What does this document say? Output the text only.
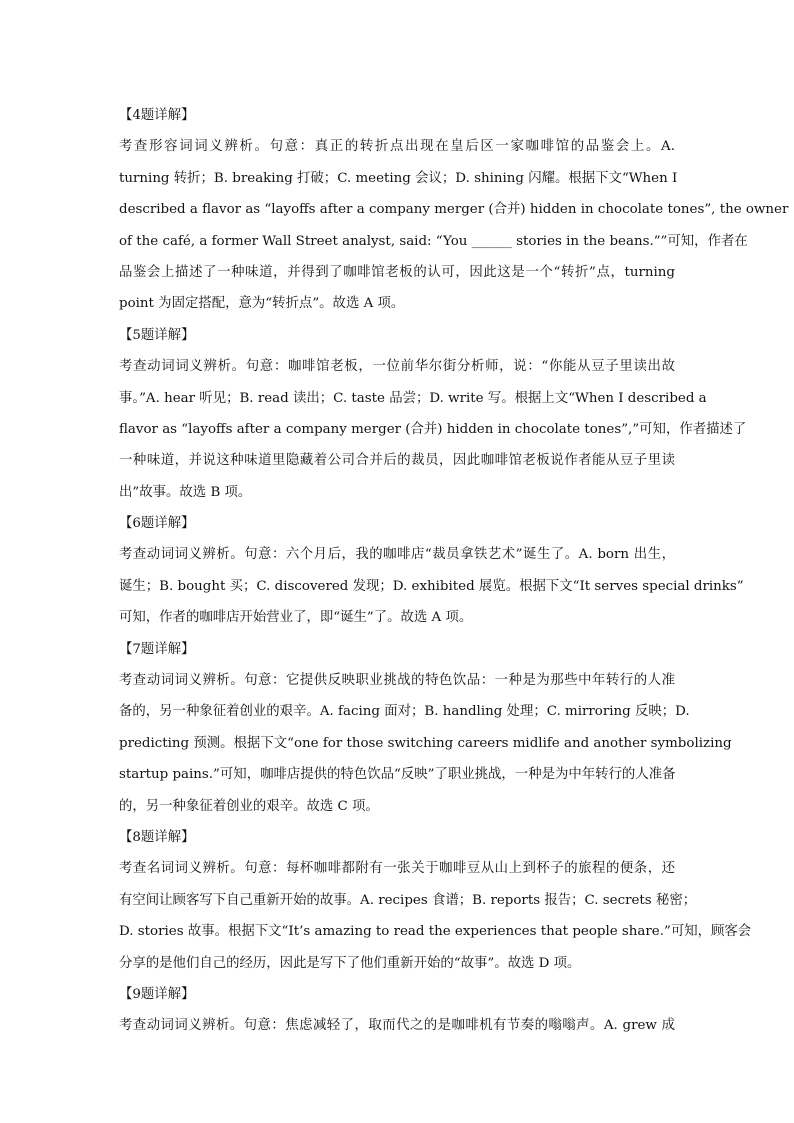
【4题详解】
考查形容词词义辨析。句意：真正的转折点出现在皇后区一家咖啡馆的品鉴会上。A.
turning 转折；B. breaking 打破；C. meeting 会议；D. shining 闪耀。根据下文“When I
described a flavor as “layoffs after a company merger (合并) hidden in chocolate tones”, the owner
of the café, a former Wall Street analyst, said: “You ______ stories in the beans.””可知，作者在
品鉴会上描述了一种味道，并得到了咖啡馆老板的认可，因此这是一个“转折”点，turning
point 为固定搭配，意为“转折点”。故选 A 项。
【5题详解】
考查动词词义辨析。句意：咖啡馆老板，一位前华尔街分析师，说：“你能从豆子里读出故
事。”A. hear 听见；B. read 读出；C. taste 品尝；D. write 写。根据上文“When I described a
flavor as “layoffs after a company merger (合并) hidden in chocolate tones”,”可知，作者描述了
一种味道，并说这种味道里隐藏着公司合并后的裁员，因此咖啡馆老板说作者能从豆子里读
出”故事。故选 B 项。
【6题详解】
考查动词词义辨析。句意：六个月后，我的咖啡店“裁员拿铁艺术”诞生了。A. born 出生，
诞生；B. bought 买；C. discovered 发现；D. exhibited 展览。根据下文“It serves special drinks”
可知，作者的咖啡店开始营业了，即“诞生”了。故选 A 项。
【7题详解】
考查动词词义辨析。句意：它提供反映职业挑战的特色饮品：一种是为那些中年转行的人准
备的，另一种象征着创业的艰辛。A. facing 面对；B. handling 处理；C. mirroring 反映；D.
predicting 预测。根据下文“one for those switching careers midlife and another symbolizing
startup pains.”可知，咖啡店提供的特色饮品“反映”了职业挑战，一种是为中年转行的人准备
的，另一种象征着创业的艰辛。故选 C 项。
【8题详解】
考查名词词义辨析。句意：每杯咖啡都附有一张关于咖啡豆从山上到杯子的旅程的便条，还
有空间让顾客写下自己重新开始的故事。A. recipes 食谱；B. reports 报告；C. secrets 秘密；
D. stories 故事。根据下文“It’s amazing to read the experiences that people share.”可知，顾客会
分享的是他们自己的经历，因此是写下了他们重新开始的“故事”。故选 D 项。
【9题详解】
考查动词词义辨析。句意：焦虑减轻了，取而代之的是咖啡机有节奏的嗡嗡声。A. grew 成
